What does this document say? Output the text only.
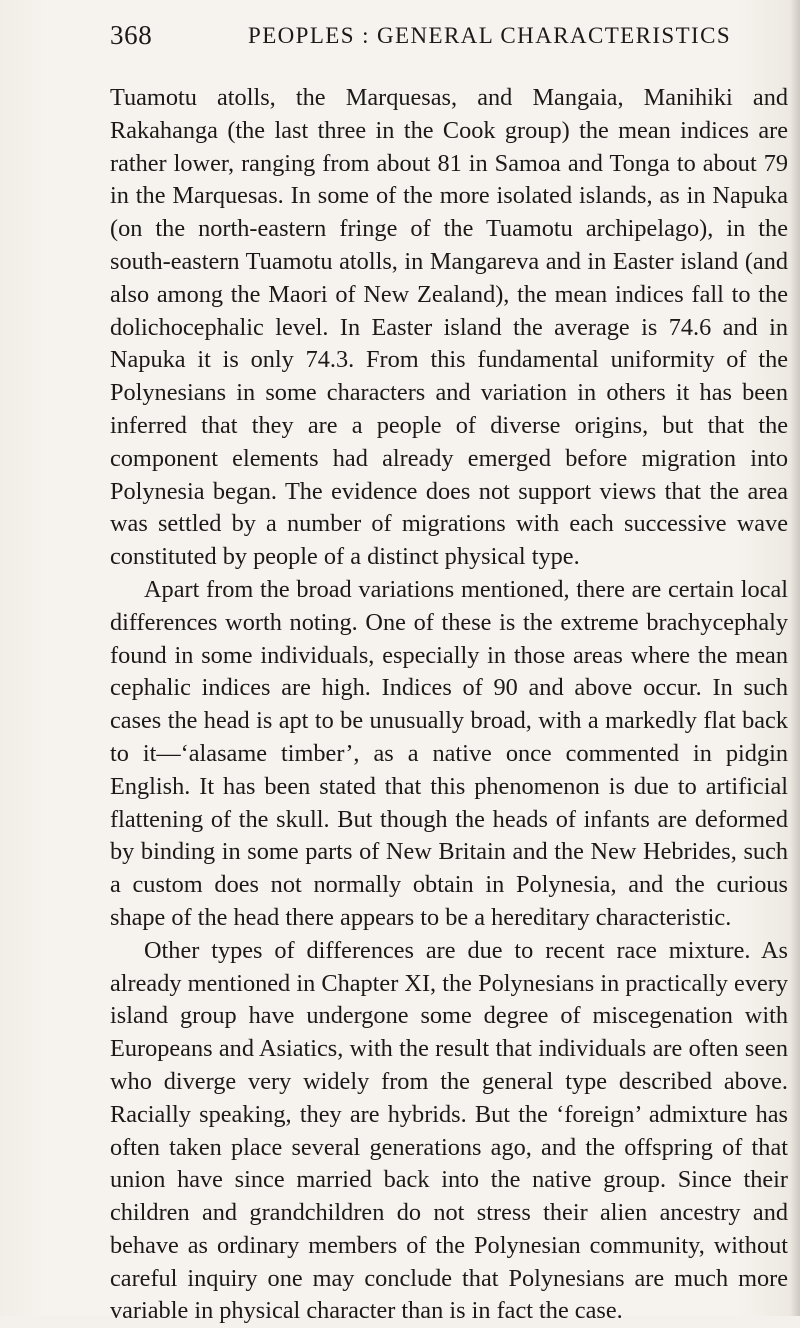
368	PEOPLES : GENERAL CHARACTERISTICS

Tuamotu atolls, the Marquesas, and Mangaia, Manihiki and Rakahanga (the last three in the Cook group) the mean indices are rather lower, ranging from about 81 in Samoa and Tonga to about 79 in the Marquesas. In some of the more isolated islands, as in Napuka (on the north-eastern fringe of the Tuamotu archipelago), in the south-eastern Tuamotu atolls, in Mangareva and in Easter island (and also among the Maori of New Zealand), the mean indices fall to the dolichocephalic level. In Easter island the average is 74.6 and in Napuka it is only 74.3. From this fundamental uniformity of the Polynesians in some characters and variation in others it has been inferred that they are a people of diverse origins, but that the component elements had already emerged before migration into Polynesia began. The evidence does not support views that the area was settled by a number of migrations with each successive wave constituted by people of a distinct physical type.

Apart from the broad variations mentioned, there are certain local differences worth noting. One of these is the extreme brachycephaly found in some individuals, especially in those areas where the mean cephalic indices are high. Indices of 90 and above occur. In such cases the head is apt to be unusually broad, with a markedly flat back to it—‘alasame timber’, as a native once commented in pidgin English. It has been stated that this phenomenon is due to artificial flattening of the skull. But though the heads of infants are deformed by binding in some parts of New Britain and the New Hebrides, such a custom does not normally obtain in Polynesia, and the curious shape of the head there appears to be a hereditary characteristic.

Other types of differences are due to recent race mixture. As already mentioned in Chapter XI, the Polynesians in practically every island group have undergone some degree of miscegenation with Europeans and Asiatics, with the result that individuals are often seen who diverge very widely from the general type described above. Racially speaking, they are hybrids. But the ‘foreign’ admixture has often taken place several generations ago, and the offspring of that union have since married back into the native group. Since their children and grandchildren do not stress their alien ancestry and behave as ordinary members of the Polynesian community, without careful inquiry one may conclude that Polynesians are much more variable in physical character than is in fact the case.
